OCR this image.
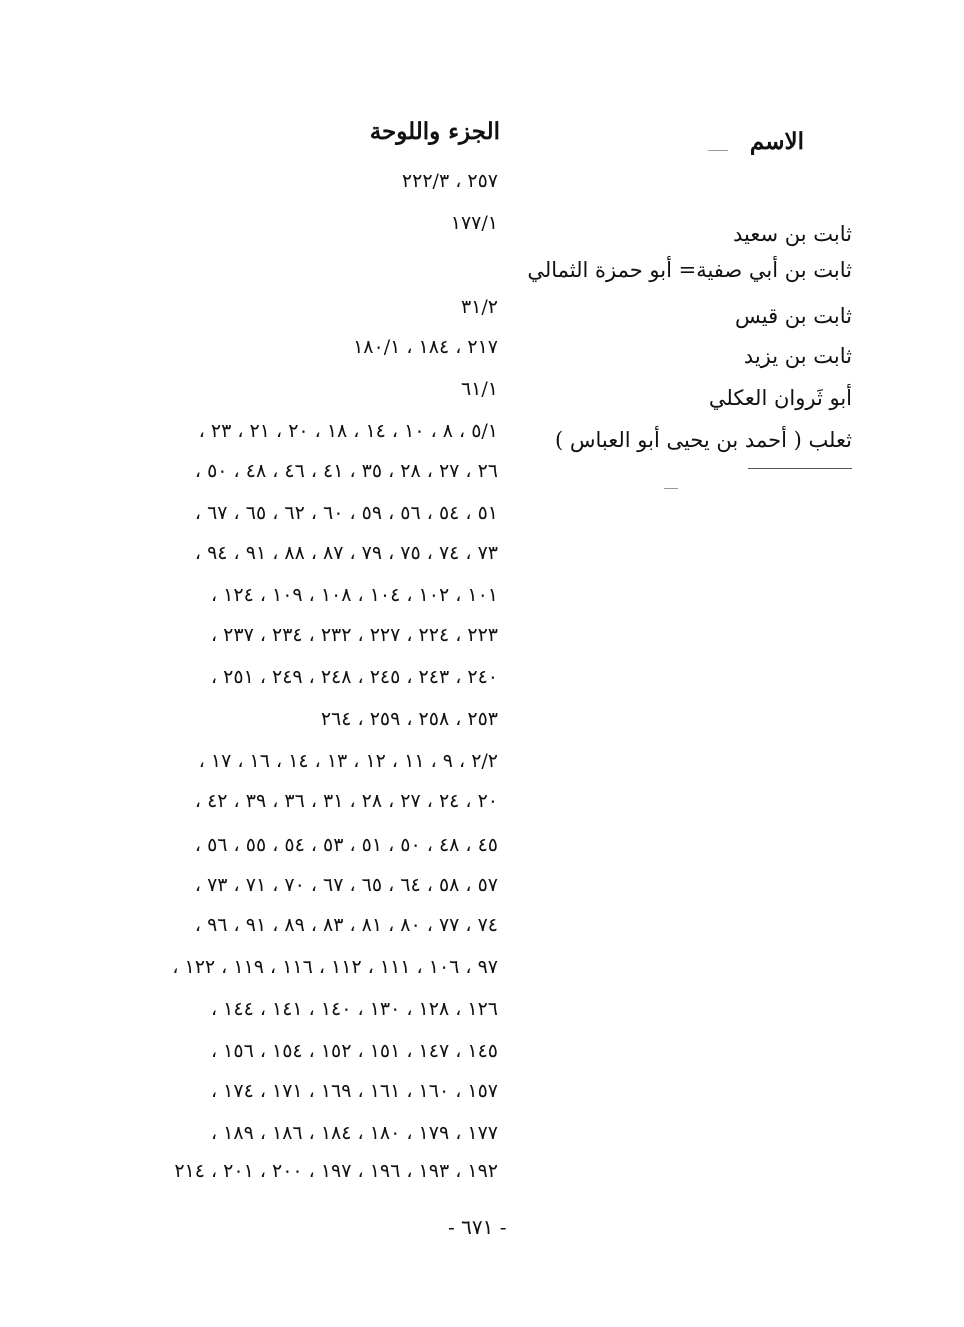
الاسم
الجزء واللوحة
ثابت بن سعيد
ثابت بن أبي صفية= أبو حمزة الثمالي
ثابت بن قيس
ثابت بن يزيد
أبو ثَروان العكلي
ثعلب ( أحمد بن يحيى أبو العباس )
٢٥٧ ، ٢٢٢/٣
١٧٧/١
٣١/٢
٢١٧ ، ١٨٤ ، ١٨٠/١
٦١/١
٥/١ ، ٨ ، ١٠ ، ١٤ ، ١٨ ، ٢٠ ، ٢١ ، ٢٣ ،
٢٦ ، ٢٧ ، ٢٨ ، ٣٥ ، ٤١ ، ٤٦ ، ٤٨ ، ٥٠ ،
٥١ ، ٥٤ ، ٥٦ ، ٥٩ ، ٦٠ ، ٦٢ ، ٦٥ ، ٦٧ ،
٧٣ ، ٧٤ ، ٧٥ ، ٧٩ ، ٨٧ ، ٨٨ ، ٩١ ، ٩٤ ،
١٠١ ، ١٠٢ ، ١٠٤ ، ١٠٨ ، ١٠٩ ، ١٢٤ ،
٢٢٣ ، ٢٢٤ ، ٢٢٧ ، ٢٣٢ ، ٢٣٤ ، ٢٣٧ ،
٢٤٠ ، ٢٤٣ ، ٢٤٥ ، ٢٤٨ ، ٢٤٩ ، ٢٥١ ،
٢٥٣ ، ٢٥٨ ، ٢٥٩ ، ٢٦٤
٢/٢ ، ٩ ، ١١ ، ١٢ ، ١٣ ، ١٤ ، ١٦ ، ١٧ ،
٢٠ ، ٢٤ ، ٢٧ ، ٢٨ ، ٣١ ، ٣٦ ، ٣٩ ، ٤٢ ،
٤٥ ، ٤٨ ، ٥٠ ، ٥١ ، ٥٣ ، ٥٤ ، ٥٥ ، ٥٦ ،
٥٧ ، ٥٨ ، ٦٤ ، ٦٥ ، ٦٧ ، ٧٠ ، ٧١ ، ٧٣ ،
٧٤ ، ٧٧ ، ٨٠ ، ٨١ ، ٨٣ ، ٨٩ ، ٩١ ، ٩٦ ،
٩٧ ، ١٠٦ ، ١١١ ، ١١٢ ، ١١٦ ، ١١٩ ، ١٢٢ ،
١٢٦ ، ١٢٨ ، ١٣٠ ، ١٤٠ ، ١٤١ ، ١٤٤ ،
١٤٥ ، ١٤٧ ، ١٥١ ، ١٥٢ ، ١٥٤ ، ١٥٦ ،
١٥٧ ، ١٦٠ ، ١٦١ ، ١٦٩ ، ١٧١ ، ١٧٤ ،
١٧٧ ، ١٧٩ ، ١٨٠ ، ١٨٤ ، ١٨٦ ، ١٨٩ ،
١٩٢ ، ١٩٣ ، ١٩٦ ، ١٩٧ ، ٢٠٠ ، ٢٠١ ، ٢١٤
- ٦٧١ -
